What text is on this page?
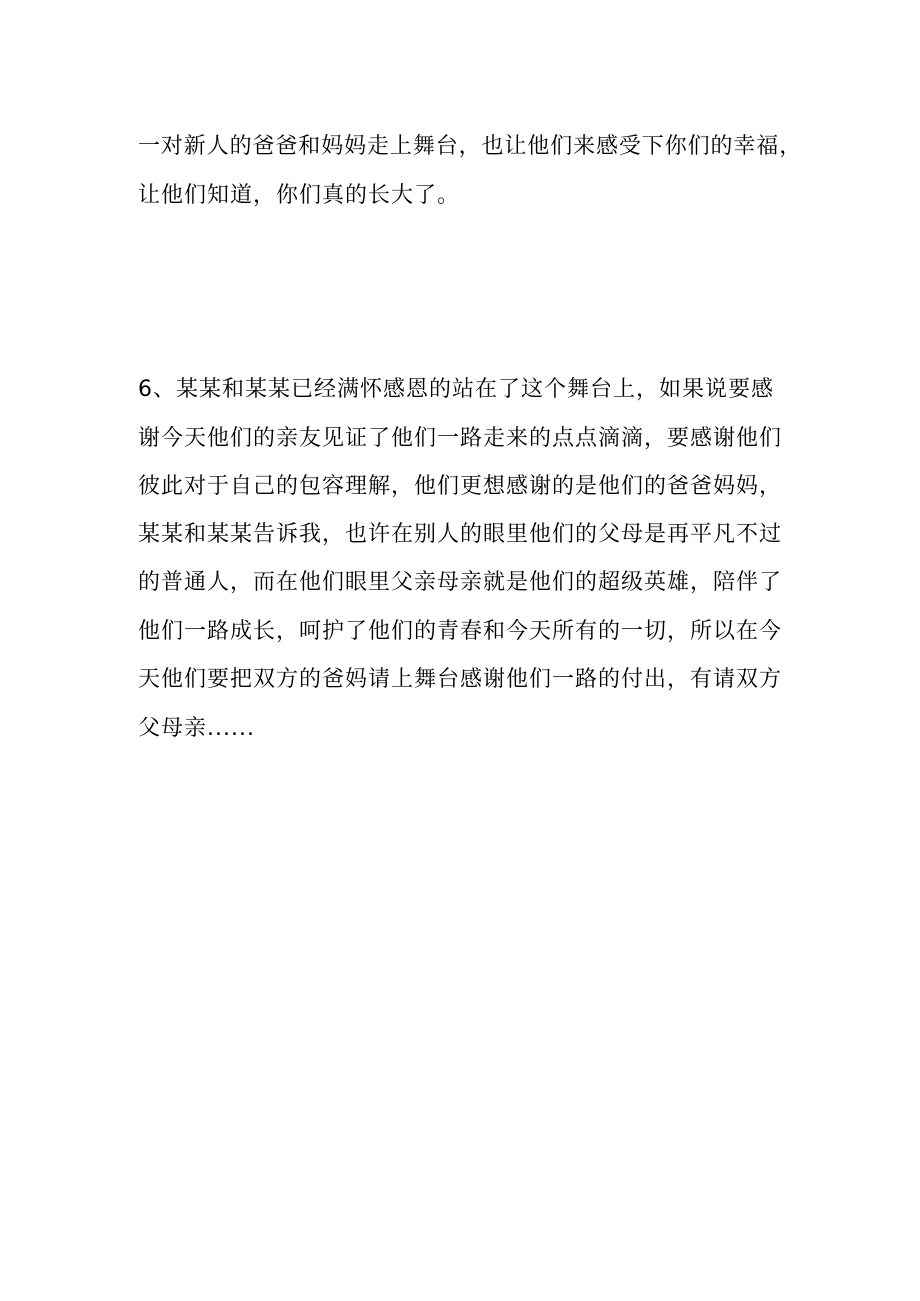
一对新人的爸爸和妈妈走上舞台，也让他们来感受下你们的幸福，
让他们知道，你们真的长大了。
6、某某和某某已经满怀感恩的站在了这个舞台上，如果说要感
谢今天他们的亲友见证了他们一路走来的点点滴滴，要感谢他们
彼此对于自己的包容理解，他们更想感谢的是他们的爸爸妈妈，
某某和某某告诉我，也许在别人的眼里他们的父母是再平凡不过
的普通人，而在他们眼里父亲母亲就是他们的超级英雄，陪伴了
他们一路成长，呵护了他们的青春和今天所有的一切，所以在今
天他们要把双方的爸妈请上舞台感谢他们一路的付出，有请双方
父母亲......
